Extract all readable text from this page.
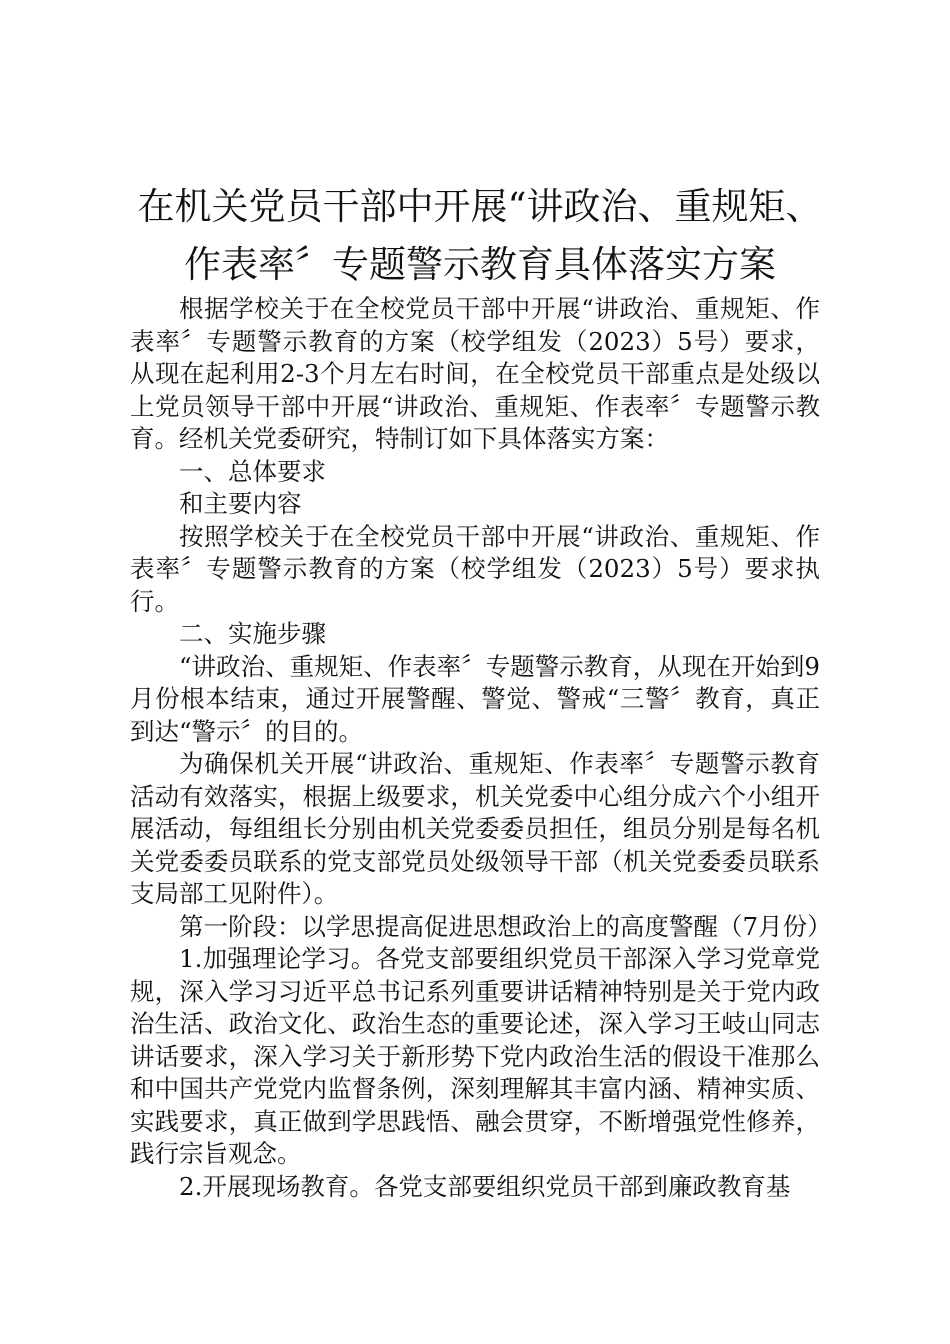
在机关党员干部中开展“讲政治、重规矩、作表率〞专题警示教育具体落实方案

根据学校关于在全校党员干部中开展“讲政治、重规矩、作表率〞专题警示教育的方案（校学组发（2023）5号）要求，从现在起利用2-3个月左右时间，在全校党员干部重点是处级以上党员领导干部中开展“讲政治、重规矩、作表率〞专题警示教育。经机关党委研究，特制订如下具体落实方案：

一、总体要求

和主要内容

按照学校关于在全校党员干部中开展“讲政治、重规矩、作表率〞专题警示教育的方案（校学组发（2023）5号）要求执行。

二、实施步骤

“讲政治、重规矩、作表率〞专题警示教育，从现在开始到9月份根本结束，通过开展警醒、警觉、警戒“三警〞教育，真正到达“警示〞的目的。

为确保机关开展“讲政治、重规矩、作表率〞专题警示教育活动有效落实，根据上级要求，机关党委中心组分成六个小组开展活动，每组组长分别由机关党委委员担任，组员分别是每名机关党委委员联系的党支部党员处级领导干部（机关党委委员联系支局部工见附件）。

第一阶段：以学思提高促进思想政治上的高度警醒（7月份）

1.加强理论学习。各党支部要组织党员干部深入学习党章党规，深入学习习近平总书记系列重要讲话精神特别是关于党内政治生活、政治文化、政治生态的重要论述，深入学习王岐山同志讲话要求，深入学习关于新形势下党内政治生活的假设干准那么和中国共产党党内监督条例，深刻理解其丰富内涵、精神实质、实践要求，真正做到学思践悟、融会贯穿，不断增强党性修养，践行宗旨观念。

2.开展现场教育。各党支部要组织党员干部到廉政教育基
